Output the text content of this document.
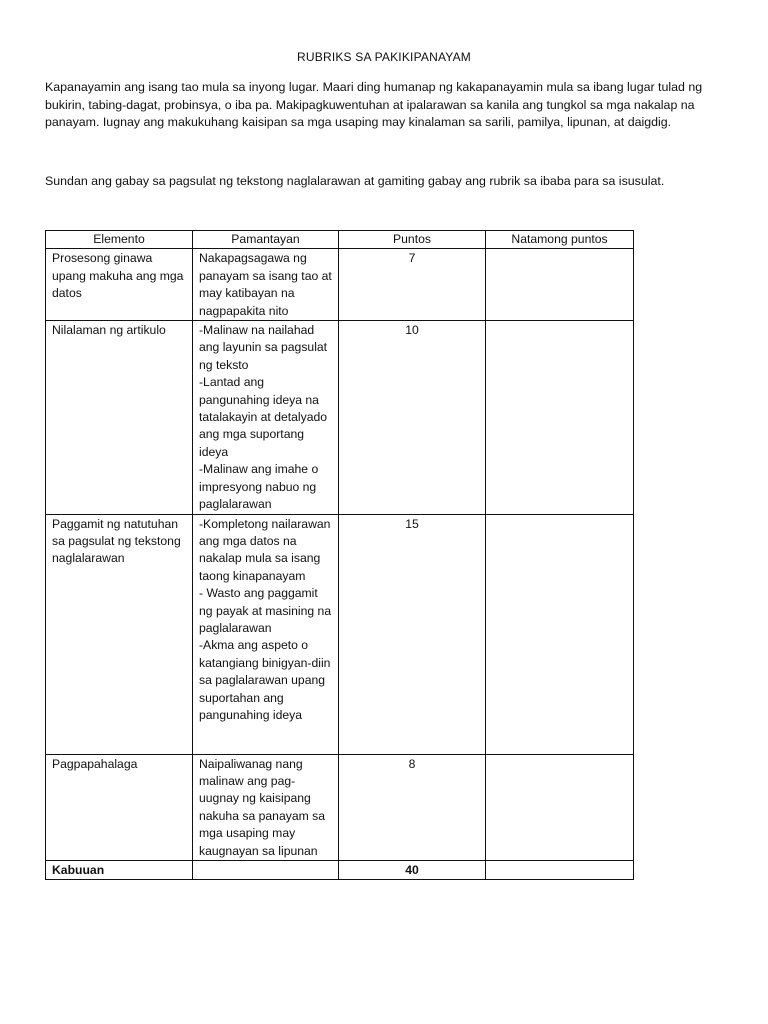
RUBRIKS SA PAKIKIPANAYAM
Kapanayamin ang isang tao mula sa inyong lugar. Maari ding humanap ng kakapanayamin mula sa ibang lugar tulad ng bukirin, tabing-dagat, probinsya, o iba pa. Makipagkuwentuhan at ipalarawan sa kanila ang tungkol sa mga nakalap na panayam. Iugnay ang makukuhang kaisipan sa mga usaping may kinalaman sa sarili, pamilya, lipunan, at daigdig.
Sundan ang gabay sa pagsulat ng tekstong naglalarawan at gamiting gabay ang rubrik sa ibaba para sa isusulat.
Elemento	Pamantayan	Puntos	Natamong puntos
Prosesong ginawa upang makuha ang mga datos	Nakapagsagawa ng panayam sa isang tao at may katibayan na nagpapakita nito	7	
Nilalaman ng artikulo	-Malinaw na nailahad ang layunin sa pagsulat ng teksto
-Lantad ang pangunahing ideya na tatalakayin at detalyado ang mga suportang ideya
-Malinaw ang imahe o impresyong nabuo ng paglalarawan	10	
Paggamit ng natutuhan sa pagsulat ng tekstong naglalarawan	-Kompletong nailarawan ang mga datos na nakalap mula sa isang taong kinapanayam
- Wasto ang paggamit ng payak at masining na paglalarawan
-Akma ang aspeto o katangiang binigyan-diin sa paglalarawan upang suportahan ang pangunahing ideya	15	
Pagpapahalaga	Naipaliwanag nang malinaw ang pag-uugnay ng kaisipang nakuha sa panayam sa mga usaping may kaugnayan sa lipunan	8	
Kabuuan		40	
